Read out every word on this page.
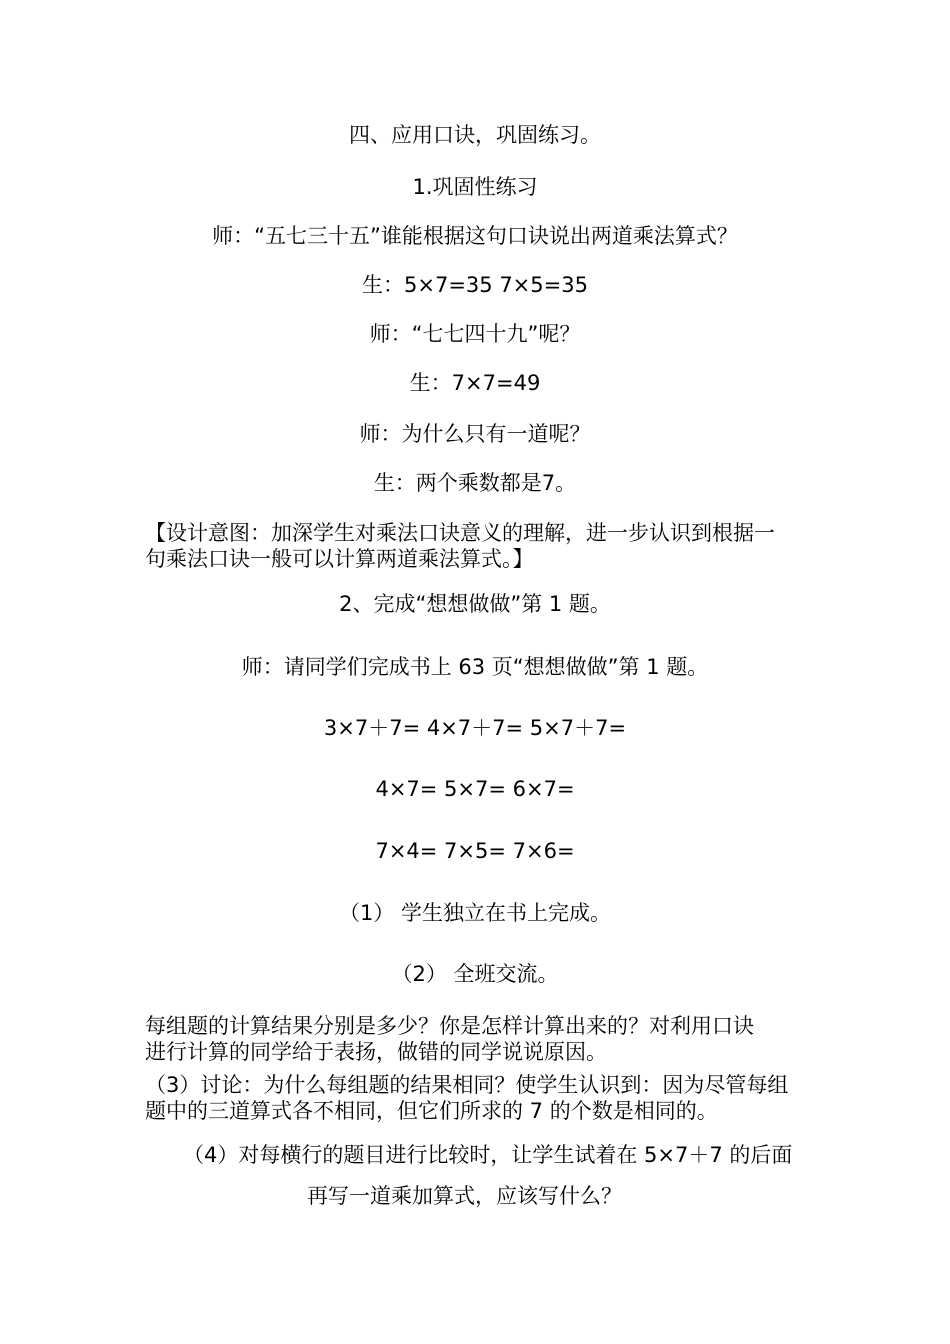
四、应用口诀，巩固练习。
1.巩固性练习
师：“五七三十五”谁能根据这句口诀说出两道乘法算式？
生：5×7=35 7×5=35
师：“七七四十九”呢？
生：7×7=49
师：为什么只有一道呢？
生：两个乘数都是7。
【设计意图：加深学生对乘法口诀意义的理解，进一步认识到根据一
句乘法口诀一般可以计算两道乘法算式。】
2、完成“想想做做”第 1 题。
师：请同学们完成书上 63 页“想想做做”第 1 题。
3×7＋7= 4×7＋7= 5×7＋7=
4×7= 5×7= 6×7=
7×4= 7×5= 7×6=
（1） 学生独立在书上完成。
（2） 全班交流。
每组题的计算结果分别是多少？你是怎样计算出来的？对利用口诀
进行计算的同学给于表扬，做错的同学说说原因。
（3）讨论：为什么每组题的结果相同？使学生认识到：因为尽管每组
题中的三道算式各不相同，但它们所求的 7 的个数是相同的。
（4）对每横行的题目进行比较时，让学生试着在 5×7＋7 的后面
再写一道乘加算式，应该写什么？
